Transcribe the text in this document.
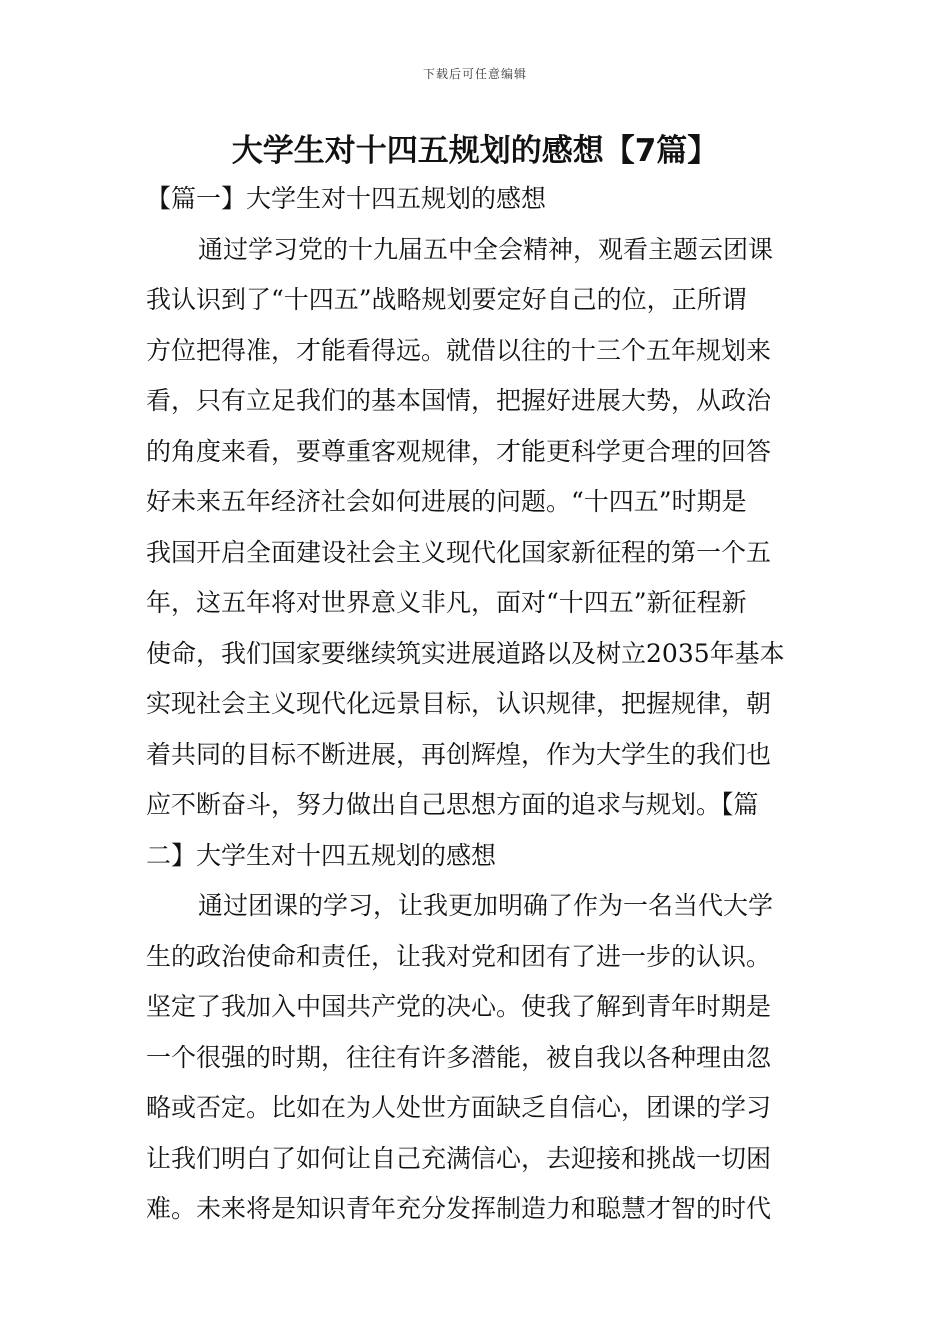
下载后可任意编辑
大学生对十四五规划的感想【7篇】
【篇一】大学生对十四五规划的感想

通过学习党的十九届五中全会精神，观看主题云团课
我认识到了“十四五”战略规划要定好自己的位，正所谓
方位把得准，才能看得远。就借以往的十三个五年规划来
看，只有立足我们的基本国情，把握好进展大势，从政治
的角度来看，要尊重客观规律，才能更科学更合理的回答
好未来五年经济社会如何进展的问题。“十四五”时期是
我国开启全面建设社会主义现代化国家新征程的第一个五
年，这五年将对世界意义非凡，面对“十四五”新征程新
使命，我们国家要继续筑实进展道路以及树立2035年基本
实现社会主义现代化远景目标，认识规律，把握规律，朝
着共同的目标不断进展，再创辉煌，作为大学生的我们也
应不断奋斗，努力做出自己思想方面的追求与规划。【篇

二】大学生对十四五规划的感想

通过团课的学习，让我更加明确了作为一名当代大学
生的政治使命和责任，让我对党和团有了进一步的认识。
坚定了我加入中国共产党的决心。使我了解到青年时期是
一个很强的时期，往往有许多潜能，被自我以各种理由忽
略或否定。比如在为人处世方面缺乏自信心，团课的学习
让我们明白了如何让自己充满信心，去迎接和挑战一切困
难。未来将是知识青年充分发挥制造力和聪慧才智的时代
